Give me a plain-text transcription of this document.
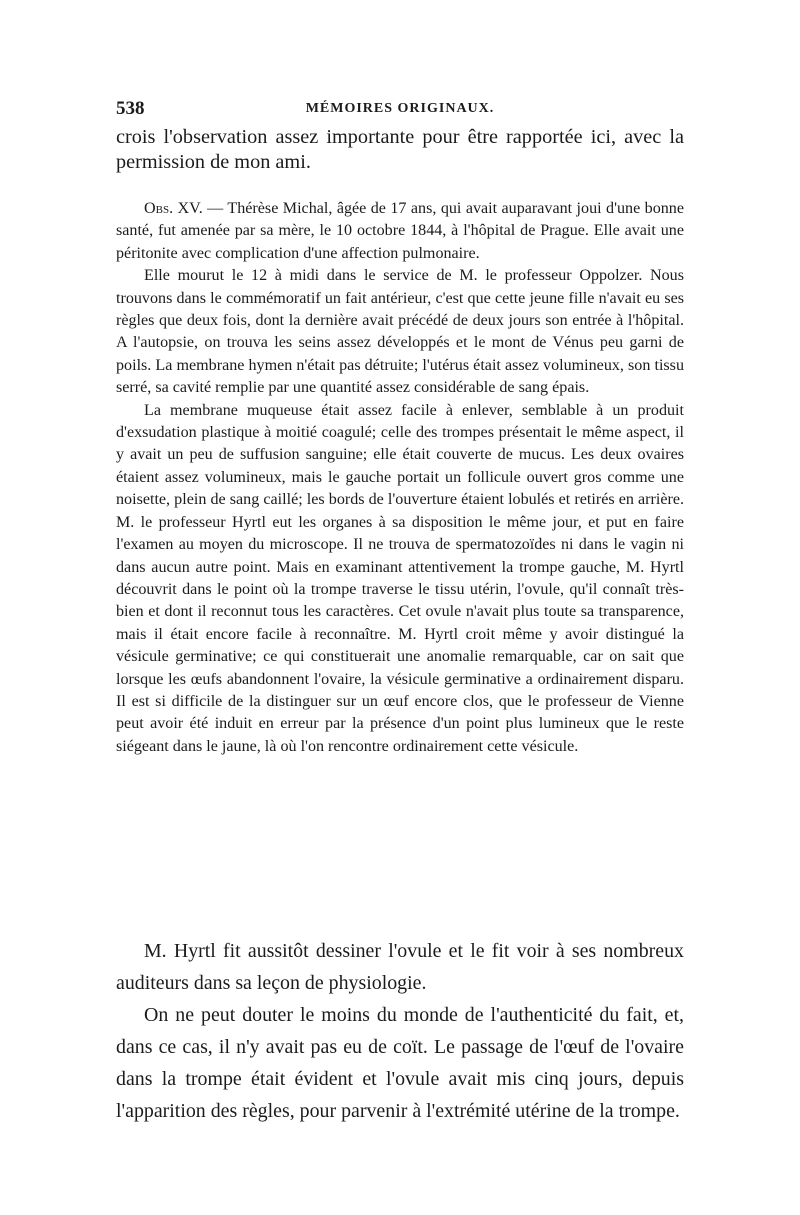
538	MÉMOIRES ORIGINAUX.

crois l'observation assez importante pour être rapportée ici, avec la permission de mon ami.

Obs. XV. — Thérèse Michal, âgée de 17 ans, qui avait auparavant joui d'une bonne santé, fut amenée par sa mère, le 10 octobre 1844, à l'hôpital de Prague. Elle avait une péritonite avec complication d'une affection pulmonaire.

Elle mourut le 12 à midi dans le service de M. le professeur Oppolzer. Nous trouvons dans le commémoratif un fait antérieur, c'est que cette jeune fille n'avait eu ses règles que deux fois, dont la dernière avait précédé de deux jours son entrée à l'hôpital. A l'autopsie, on trouva les seins assez développés et le mont de Vénus peu garni de poils. La membrane hymen n'était pas détruite; l'utérus était assez volumineux, son tissu serré, sa cavité remplie par une quantité assez considérable de sang épais.

La membrane muqueuse était assez facile à enlever, semblable à un produit d'exsudation plastique à moitié coagulé; celle des trompes présentait le même aspect, il y avait un peu de suffusion sanguine; elle était couverte de mucus. Les deux ovaires étaient assez volumineux, mais le gauche portait un follicule ouvert gros comme une noisette, plein de sang caillé; les bords de l'ouverture étaient lobulés et retirés en arrière. M. le professeur Hyrtl eut les organes à sa disposition le même jour, et put en faire l'examen au moyen du microscope. Il ne trouva de spermatozoïdes ni dans le vagin ni dans aucun autre point. Mais en examinant attentivement la trompe gauche, M. Hyrtl découvrit dans le point où la trompe traverse le tissu utérin, l'ovule, qu'il connaît très-bien et dont il reconnut tous les caractères. Cet ovule n'avait plus toute sa transparence, mais il était encore facile à reconnaître. M. Hyrtl croit même y avoir distingué la vésicule germinative; ce qui constituerait une anomalie remarquable, car on sait que lorsque les œufs abandonnent l'ovaire, la vésicule germinative a ordinairement disparu. Il est si difficile de la distinguer sur un œuf encore clos, que le professeur de Vienne peut avoir été induit en erreur par la présence d'un point plus lumineux que le reste siégeant dans le jaune, là où l'on rencontre ordinairement cette vésicule.

M. Hyrtl fit aussitôt dessiner l'ovule et le fit voir à ses nombreux auditeurs dans sa leçon de physiologie.

On ne peut douter le moins du monde de l'authenticité du fait, et, dans ce cas, il n'y avait pas eu de coït. Le passage de l'œuf de l'ovaire dans la trompe était évident et l'ovule avait mis cinq jours, depuis l'apparition des règles, pour parvenir à l'extrémité utérine de la trompe.
